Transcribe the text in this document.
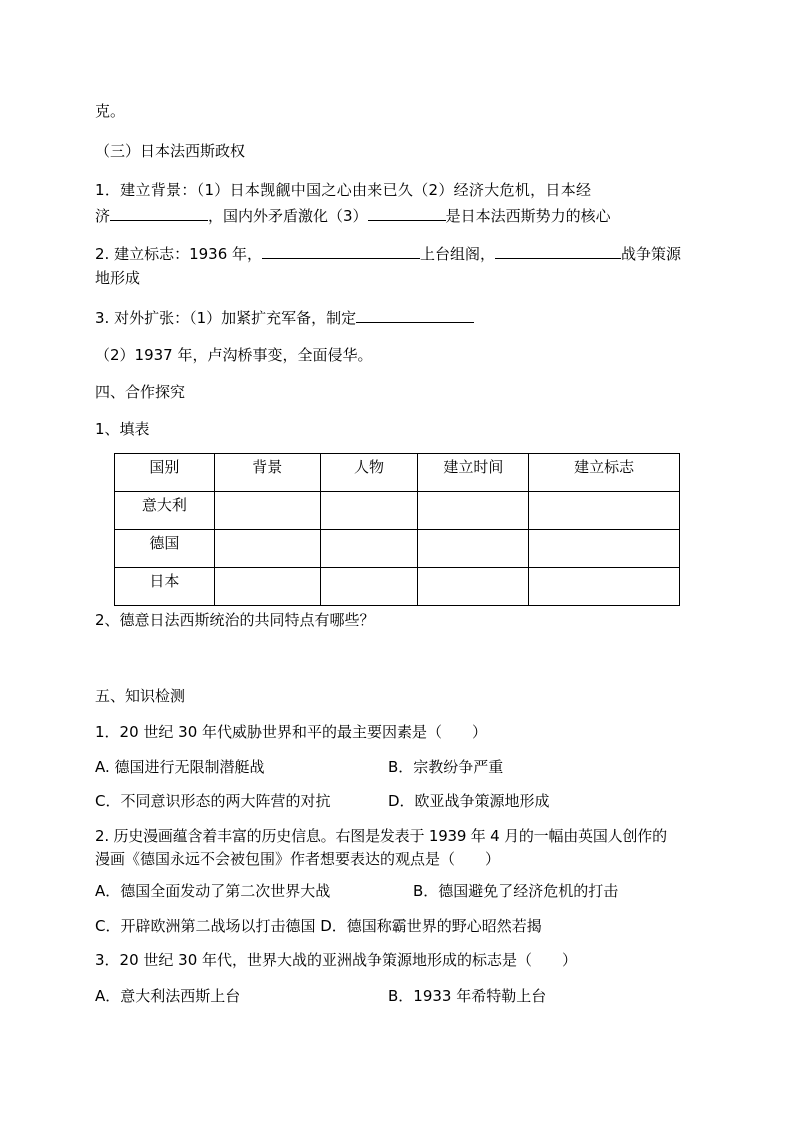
克。
（三）日本法西斯政权
1．建立背景：（1）日本觊觎中国之心由来已久（2）经济大危机，日本经
济	，国内外矛盾激化（3）	是日本法西斯势力的核心
2. 建立标志：1936 年，	上台组阁，	战争策源
地形成
3. 对外扩张：（1）加紧扩充军备，制定
（2）1937 年，卢沟桥事变，全面侵华。
四、合作探究
1、填表
国别	背景	人物	建立时间	建立标志
意大利				
德国				
日本				
2、德意日法西斯统治的共同特点有哪些？
五、知识检测
1．20 世纪 30 年代威胁世界和平的最主要因素是（　　）
A. 德国进行无限制潜艇战	B．宗教纷争严重
C．不同意识形态的两大阵营的对抗	D．欧亚战争策源地形成
2. 历史漫画蕴含着丰富的历史信息。右图是发表于 1939 年 4 月的一幅由英国人创作的
漫画《德国永远不会被包围》作者想要表达的观点是（　　）
A．德国全面发动了第二次世界大战	B．德国避免了经济危机的打击
C．开辟欧洲第二战场以打击德国 D．德国称霸世界的野心昭然若揭
3．20 世纪 30 年代，世界大战的亚洲战争策源地形成的标志是（　　）
A．意大利法西斯上台	B．1933 年希特勒上台
